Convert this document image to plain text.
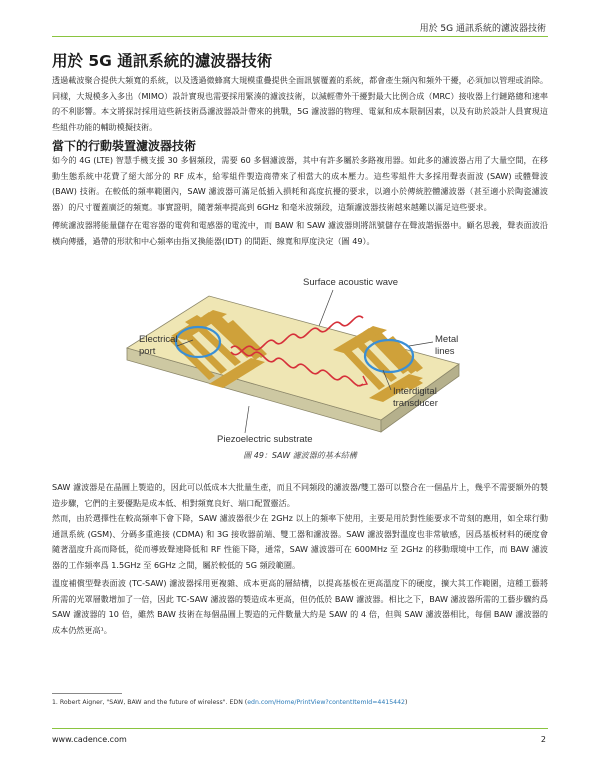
用於 5G 通訊系統的濾波器技術
用於 5G 通訊系統的濾波器技術

透過載波聚合提供大頻寬的系統，以及透過微蜂窩大規模重疊提供全面訊號覆蓋的系統，都會產生頻內和頻外干擾，必須加以管理或消除。同樣，大規模多入多出（MIMO）設計實現也需要採用緊湊的濾波技術，以減輕帶外干擾對最大比例合成（MRC）接收器上行鏈路總和速率的不利影響。本文將探討採用這些新技術爲濾波器設計帶來的挑戰，5G 濾波器的物理、電氣和成本限制因素，以及有助於設計人員實現這些組件功能的輔助模擬技術。

當下的行動裝置濾波器技術

如今的 4G (LTE) 智慧手機支援 30 多個頻段，需要 60 多個濾波器，其中有許多屬於多路複用器。如此多的濾波器占用了大量空間，在移動生態系統中花費了絕大部分的 RF 成本，給零組件製造商帶來了相當大的成本壓力。這些零組件大多採用聲表面波 (SAW) 或體聲波 (BAW) 技術。在較低的頻率範圍內，SAW 濾波器可滿足低插入損耗和高度抗擾的要求，以適小於傳統腔體濾波器（甚至適小於陶瓷濾波器）的尺寸覆蓋廣泛的頻寬。事實證明，隨著頻率提高到 6GHz 和毫米波頻段，這類濾波器技術越來越難以滿足這些要求。

傳統濾波器將能量儲存在電容器的電荷和電感器的電流中，而 BAW 和 SAW 濾波器則將訊號儲存在聲波諧振器中。顧名思義，聲表面波沿橫向傳播，過帶的形狀和中心頻率由指叉換能器(IDT) 的間距、線寬和厚度決定（圖 49）。

Surface acoustic wave
Metal
lines
Electrical
port
Interdigital
transducer
Piezoelectric substrate
圖 49：SAW 濾波器的基本結構

SAW 濾波器是在晶圓上製造的，因此可以低成本大批量生產，而且不同頻段的濾波器/雙工器可以整合在一個晶片上，幾乎不需要額外的製造步驟，它們的主要優點是成本低、相對頻寬良好、端口配置靈活。

然而，由於選擇性在較高頻率下會下降，SAW 濾波器很少在 2GHz 以上的頻率下使用，主要是用於對性能要求不苛刻的應用，如全球行動通訊系統 (GSM)、分碼多重進接 (CDMA) 和 3G 接收器前端、雙工器和濾波器。SAW 濾波器對溫度也非常敏感，因爲基板材料的硬度會隨著溫度升高而降低，從而導致聲速降低和 RF 性能下降，通常，SAW 濾波器可在 600MHz 至 2GHz 的移動環境中工作，而 BAW 濾波器的工作頻率爲 1.5GHz 至 6GHz 之間，屬於較低的 5G 頻段範圍。

溫度補償型聲表面波 (TC-SAW) 濾波器採用更複雜、成本更高的層結構，以提高基板在更高溫度下的硬度，擴大其工作範圍，這種工藝將所需的光罩層數增加了一倍，因此 TC-SAW 濾波器的製造成本更高，但仍低於 BAW 濾波器。相比之下，BAW 濾波器所需的工藝步驟約爲 SAW 濾波器的 10 倍，雖然 BAW 技術在每個晶圓上製造的元件數量大約是 SAW 的 4 倍，但與 SAW 濾波器相比，每個 BAW 濾波器的成本仍然更高¹。

1. Robert Aigner, "SAW, BAW and the future of wireless". EDN (edn.com/Home/PrintView?contentItemId=4415442)
www.cadence.com	2
